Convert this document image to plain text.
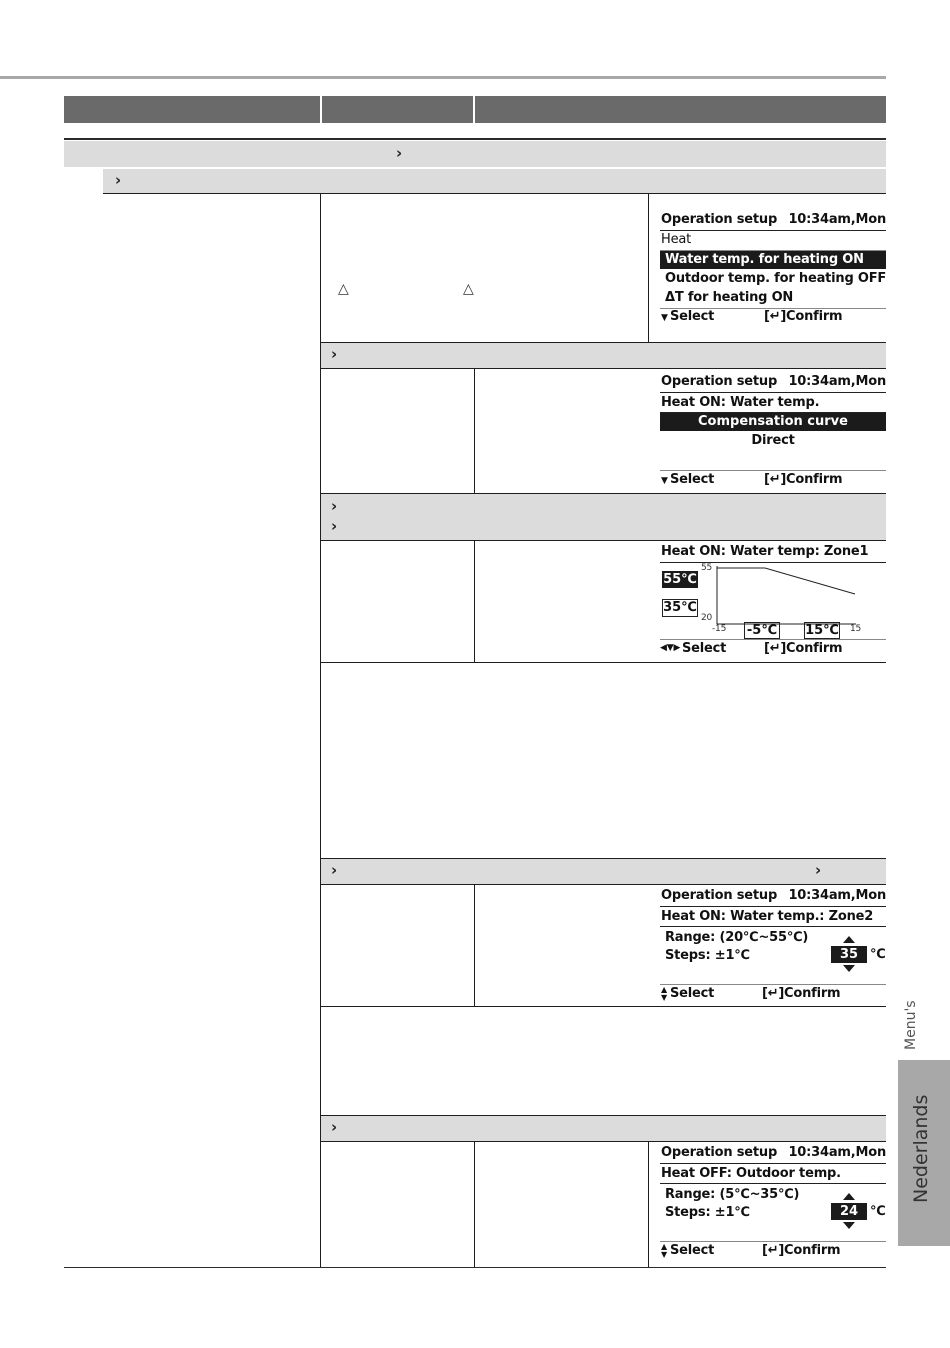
›
›
△	△
›
›
›
›	›
›
Operation setup 10:34am,Mon
Heat
Water temp. for heating ON
Outdoor temp. for heating OFF
ΔT for heating ON
▼ Select	[↵] Confirm
Operation setup 10:34am,Mon
Heat ON: Water temp.
Compensation curve
Direct
▼ Select	[↵] Confirm
Heat ON: Water temp: Zone1
55℃
35℃
55
20
-15 -5℃ 15℃ 15
◀▼▶ Select	[↵] Confirm
Operation setup 10:34am,Mon
Heat ON: Water temp.: Zone2
Range: (20℃~55℃)
Steps: ±1℃	35 ℃
▲
▼ Select	[↵] Confirm
Operation setup 10:34am,Mon
Heat OFF: Outdoor temp.
Range: (5℃~35℃)
Steps: ±1℃	24 ℃
▲
▼ Select	[↵] Confirm
Menu's
Nederlands
